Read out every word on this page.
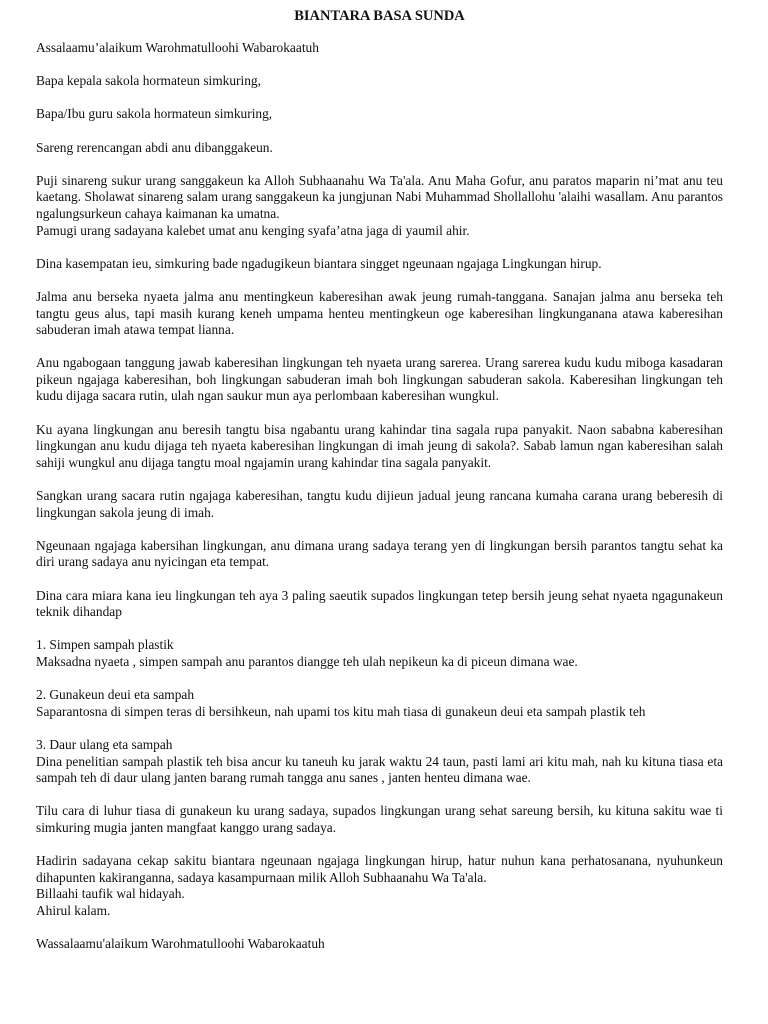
BIANTARA BASA SUNDA
Assalaamu’alaikum Warohmatulloohi Wabarokaatuh
Bapa kepala sakola hormateun simkuring,
Bapa/Ibu guru sakola hormateun simkuring,
Sareng rerencangan abdi anu dibanggakeun.
Puji sinareng sukur urang sanggakeun ka Alloh Subhaanahu Wa Ta'ala. Anu Maha Gofur, anu paratos maparin ni’mat anu teu kaetang. Sholawat sinareng salam urang sanggakeun ka jungjunan Nabi Muhammad Shollallohu 'alaihi wasallam. Anu parantos ngalungsurkeun cahaya kaimanan ka umatna.
Pamugi urang sadayana kalebet umat anu kenging syafa’atna jaga di yaumil ahir.
Dina kasempatan ieu, simkuring bade ngadugikeun biantara singget ngeunaan ngajaga Lingkungan hirup.
Jalma anu berseka nyaeta jalma anu mentingkeun kaberesihan awak jeung rumah-tanggana. Sanajan jalma anu berseka teh tangtu geus alus, tapi masih kurang keneh umpama henteu mentingkeun oge kaberesihan lingkunganana atawa kaberesihan sabuderan imah atawa tempat lianna.
Anu ngabogaan tanggung jawab kaberesihan lingkungan teh nyaeta urang sarerea. Urang sarerea kudu kudu miboga kasadaran pikeun ngajaga kaberesihan, boh lingkungan sabuderan imah boh lingkungan sabuderan sakola. Kaberesihan lingkungan teh kudu dijaga sacara rutin, ulah ngan saukur mun aya perlombaan kaberesihan wungkul.
Ku ayana lingkungan anu beresih tangtu bisa ngabantu urang kahindar tina sagala rupa panyakit. Naon sababna kaberesihan lingkungan anu kudu dijaga teh nyaeta kaberesihan lingkungan di imah jeung di sakola?. Sabab lamun ngan kaberesihan salah sahiji wungkul anu dijaga tangtu moal ngajamin urang kahindar tina sagala panyakit.
Sangkan urang sacara rutin ngajaga kaberesihan, tangtu kudu dijieun jadual jeung rancana kumaha carana urang beberesih di lingkungan sakola jeung di imah.
Ngeunaan ngajaga kabersihan lingkungan, anu dimana urang sadaya terang yen di lingkungan bersih parantos tangtu sehat ka diri urang sadaya anu nyicingan eta tempat.
Dina cara miara kana ieu lingkungan teh aya 3 paling saeutik supados lingkungan tetep bersih jeung sehat nyaeta ngagunakeun teknik dihandap
1. Simpen sampah plastik
Maksadna nyaeta , simpen sampah anu parantos diangge teh ulah nepikeun ka di piceun dimana wae.
2. Gunakeun deui eta sampah
Saparantosna di simpen teras di bersihkeun, nah upami tos kitu mah tiasa di gunakeun deui eta sampah plastik teh
3. Daur ulang eta sampah
Dina penelitian sampah plastik teh bisa ancur ku taneuh ku jarak waktu 24 taun, pasti lami ari kitu mah, nah ku kituna tiasa eta sampah teh di daur ulang janten barang rumah tangga anu sanes , janten henteu dimana wae.
Tilu cara di luhur tiasa di gunakeun ku urang sadaya, supados lingkungan urang sehat sareung bersih, ku kituna sakitu wae ti simkuring mugia janten mangfaat kanggo urang sadaya.
Hadirin sadayana cekap sakitu biantara ngeunaan ngajaga lingkungan hirup, hatur nuhun kana perhatosanana, nyuhunkeun dihapunten kakiranganna, sadaya kasampurnaan milik Alloh Subhaanahu Wa Ta'ala.
Billaahi taufik wal hidayah.
Ahirul kalam.
Wassalaamu'alaikum Warohmatulloohi Wabarokaatuh
